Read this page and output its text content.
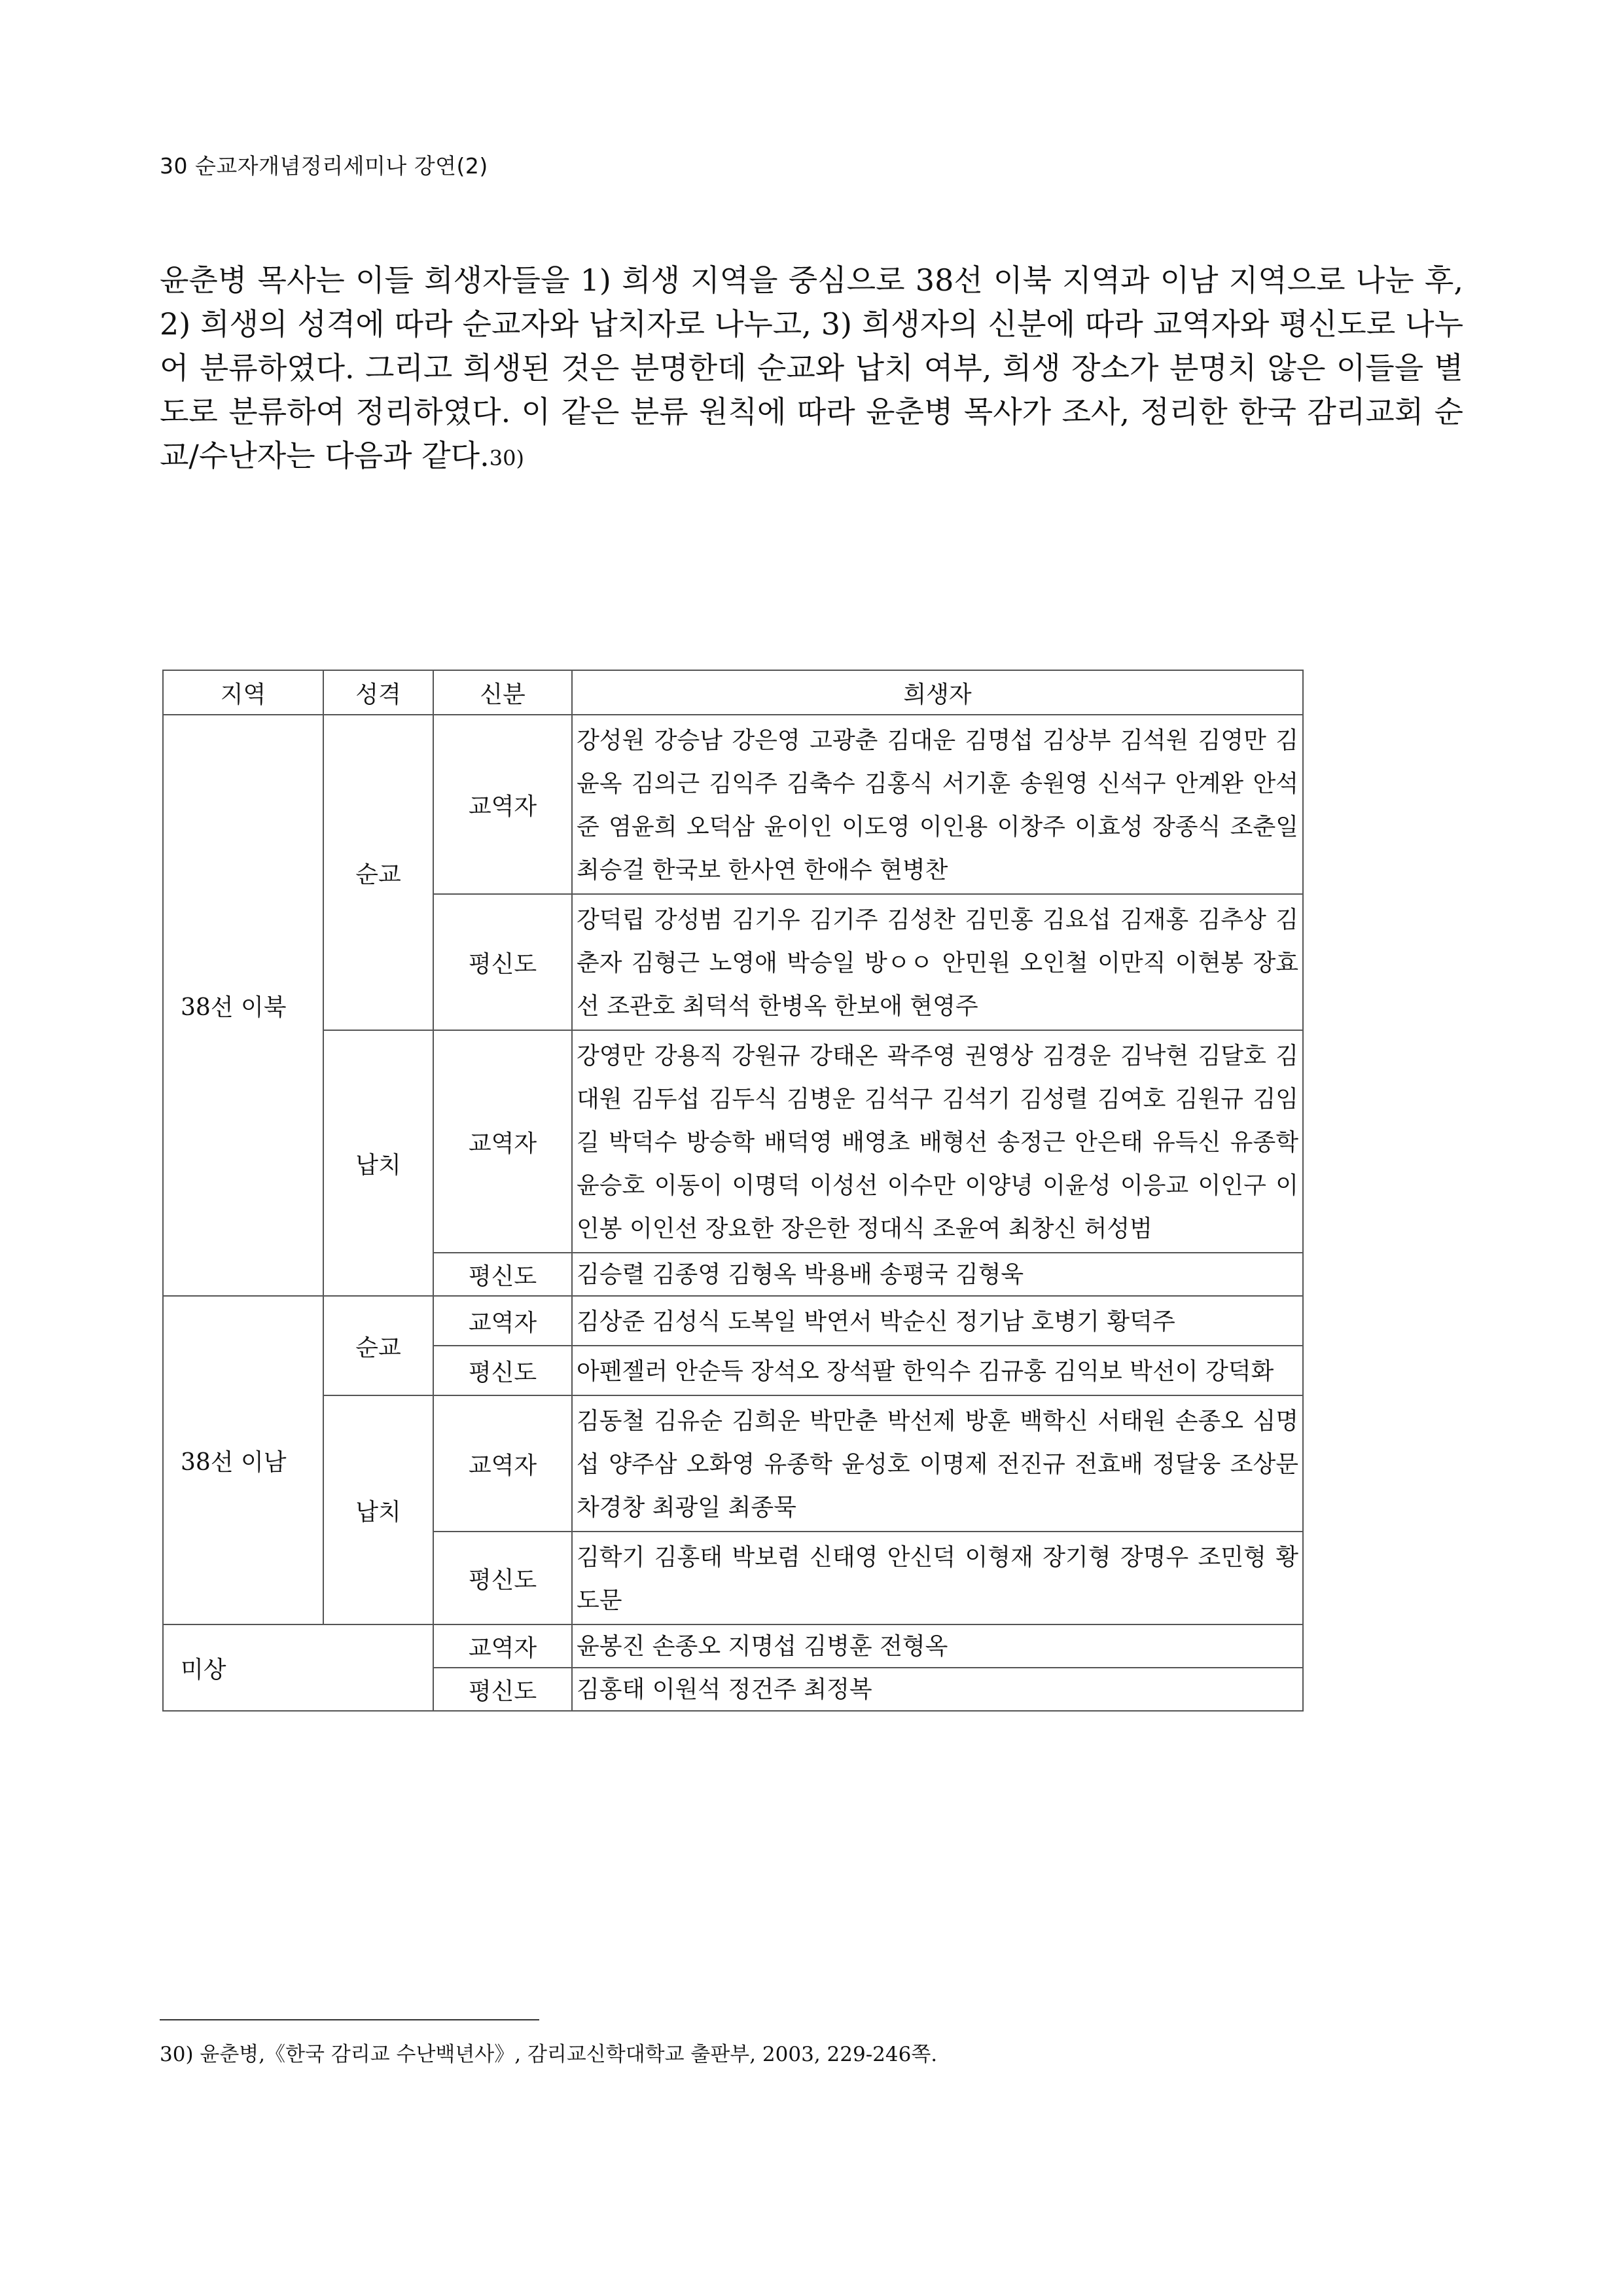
30 순교자개념정리세미나 강연(2)
윤춘병 목사는 이들 희생자들을 1) 희생 지역을 중심으로 38선 이북 지역과 이남 지역으로 나눈 후, 2) 희생의 성격에 따라 순교자와 납치자로 나누고, 3) 희생자의 신분에 따라 교역자와 평신도로 나누어 분류하였다. 그리고 희생된 것은 분명한데 순교와 납치 여부, 희생 장소가 분명치 않은 이들을 별도로 분류하여 정리하였다. 이 같은 분류 원칙에 따라 윤춘병 목사가 조사, 정리한 한국 감리교회 순교/수난자는 다음과 같다.$^{30)}$
지역	성격	신분	희생자
38선 이북	순교	교역자	강성원 강승남 강은영 고광춘 김대운 김명섭 김상부 김석원 김영만 김윤옥 김의근 김익주 김축수 김홍식 서기훈 송원영 신석구 안계완 안석준 염윤희 오덕삼 윤이인 이도영 이인용 이창주 이효성 장종식 조춘일 최승걸 한국보 한사연 한애수 현병찬
		평신도	강덕립 강성범 김기우 김기주 김성찬 김민홍 김요섭 김재홍 김추상 김춘자 김형근 노영애 박승일 방ㅇㅇ 안민원 오인철 이만직 이현봉 장효선 조관호 최덕석 한병옥 한보애 현영주
	납치	교역자	강영만 강용직 강원규 강태온 곽주영 권영상 김경운 김낙현 김달호 김대원 김두섭 김두식 김병운 김석구 김석기 김성렬 김여호 김원규 김임길 박덕수 방승학 배덕영 배영초 배형선 송정근 안은태 유득신 유종학 윤승호 이동이 이명덕 이성선 이수만 이양녕 이윤성 이응교 이인구 이인봉 이인선 장요한 장은한 정대식 조윤여 최창신 허성범
		평신도	김승렬 김종영 김형옥 박용배 송평국 김형욱
38선 이남	순교	교역자	김상준 김성식 도복일 박연서 박순신 정기남 호병기 황덕주
		평신도	아펜젤러 안순득 장석오 장석팔 한익수 김규홍 김익보 박선이 강덕화
	납치	교역자	김동철 김유순 김희운 박만춘 박선제 방훈 백학신 서태원 손종오 심명섭 양주삼 오화영 유종학 윤성호 이명제 전진규 전효배 정달웅 조상문 차경창 최광일 최종묵
		평신도	김학기 김홍태 박보렴 신태영 안신덕 이형재 장기형 장명우 조민형 황도문
미상		교역자	윤봉진 손종오 지명섭 김병훈 전형옥
		평신도	김홍태 이원석 정건주 최정복
30) 윤춘병,《한국 감리교 수난백년사》, 감리교신학대학교 출판부, 2003, 229-246쪽.
